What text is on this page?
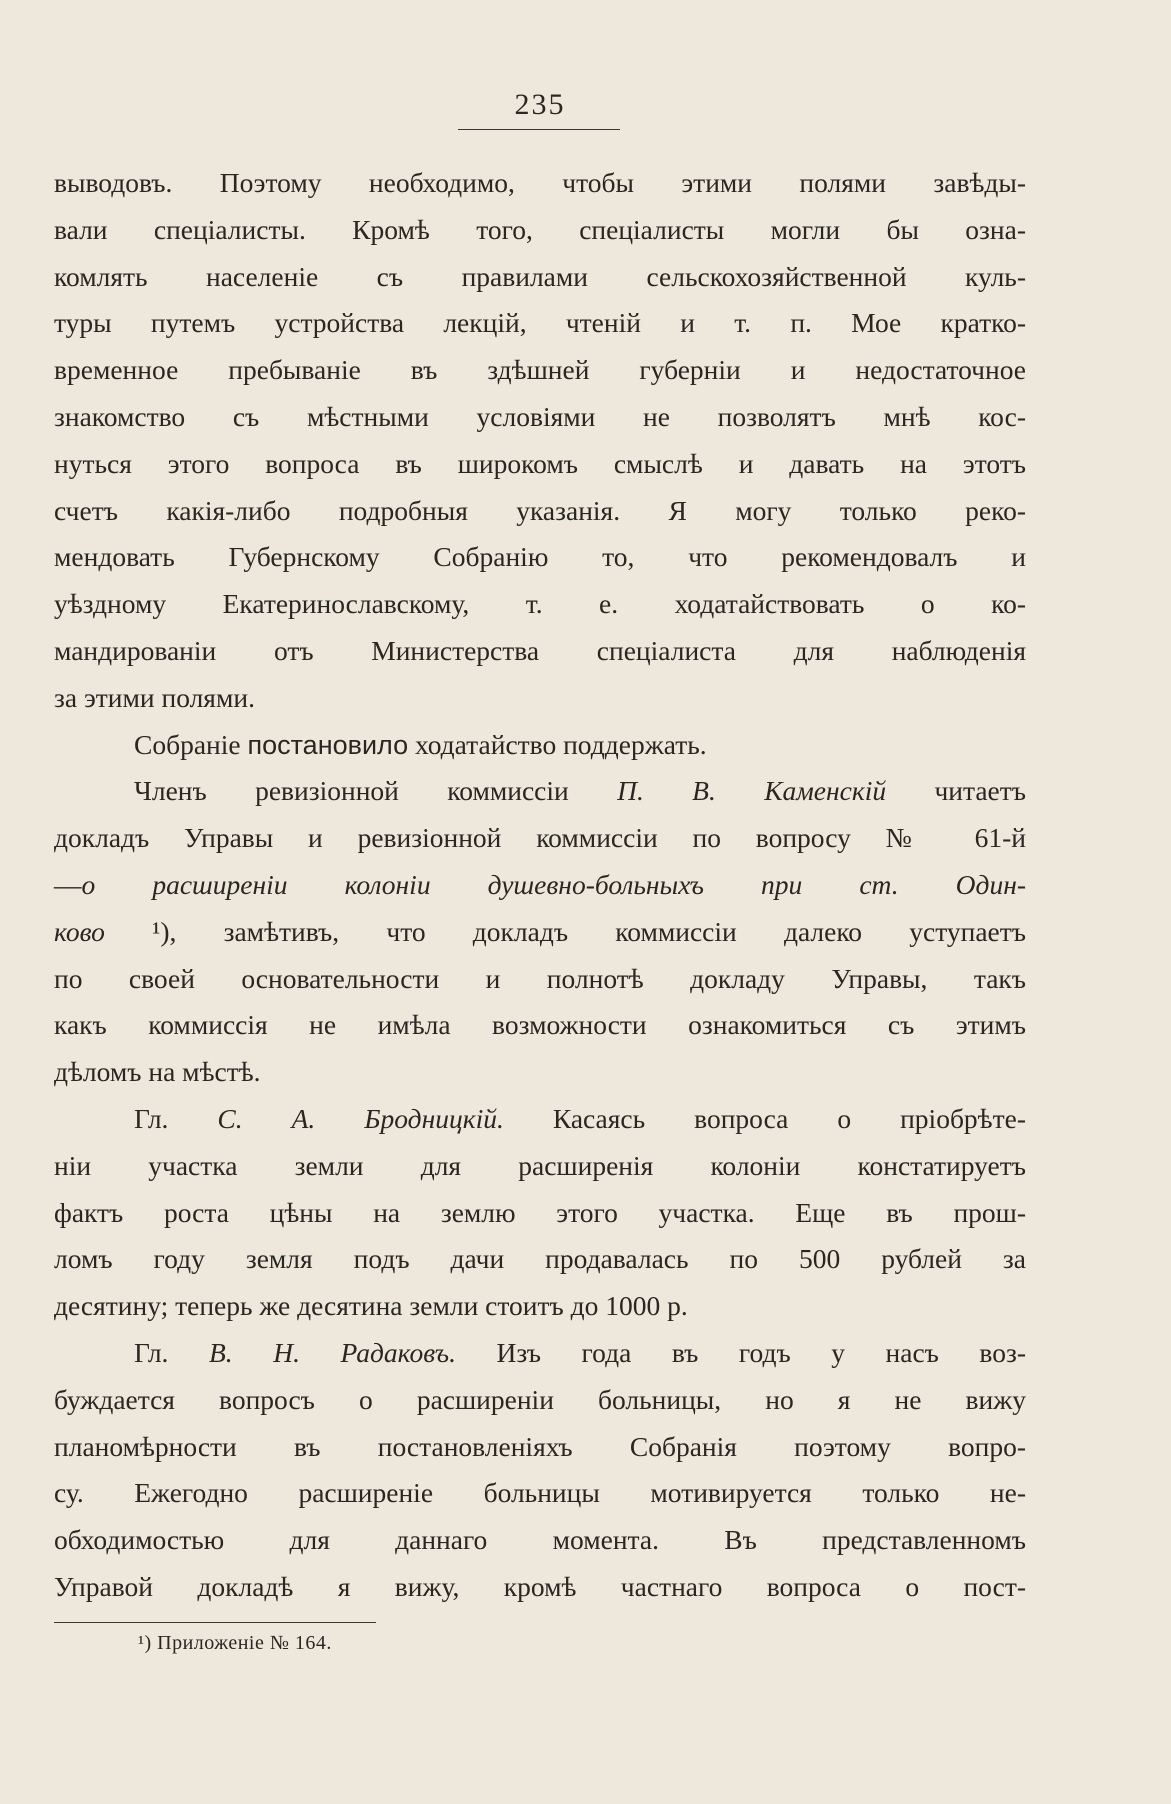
235
выводовъ. Поэтому необходимо, чтобы этими полями завѣды-
вали спеціалисты. Кромѣ того, спеціалисты могли бы озна-
комлять населеніе съ правилами сельскохозяйственной куль-
туры путемъ устройства лекцій, чтеній и т. п. Мое кратко-
временное пребываніе въ здѣшней губерніи и недостаточное
знакомство съ мѣстными условіями не позволятъ мнѣ кос-
нуться этого вопроса въ широкомъ смыслѣ и давать на этотъ
счетъ какія-либо подробныя указанія. Я могу только реко-
мендовать Губернскому Собранію то, что рекомендовалъ и
уѣздному Екатеринославскому, т. е. ходатайствовать о ко-
мандированіи отъ Министерства спеціалиста для наблюденія
за этими полями.
Собраніе постановило ходатайство поддержать.
Членъ ревизіонной коммиссіи П. В. Каменскій читаетъ
докладъ Управы и ревизіонной коммиссіи по вопросу № 61-й
—о расширеніи колоніи душевно-больныхъ при ст. Один-
ково ¹), замѣтивъ, что докладъ коммиссіи далеко уступаетъ
по своей основательности и полнотѣ докладу Управы, такъ
какъ коммиссія не имѣла возможности ознакомиться съ этимъ
дѣломъ на мѣстѣ.
Гл. С. А. Бродницкій. Касаясь вопроса о пріобрѣте-
ніи участка земли для расширенія колоніи констатируетъ
фактъ роста цѣны на землю этого участка. Еще въ прош-
ломъ году земля подъ дачи продавалась по 500 рублей за
десятину; теперь же десятина земли стоитъ до 1000 р.
Гл. В. Н. Радаковъ. Изъ года въ годъ у насъ воз-
буждается вопросъ о расширеніи больницы, но я не вижу
планомѣрности въ постановленіяхъ Собранія поэтому вопро-
су. Ежегодно расширеніе больницы мотивируется только не-
обходимостью для даннаго момента. Въ представленномъ
Управой докладѣ я вижу, кромѣ частнаго вопроса о пост-
¹) Приложеніе № 164.
